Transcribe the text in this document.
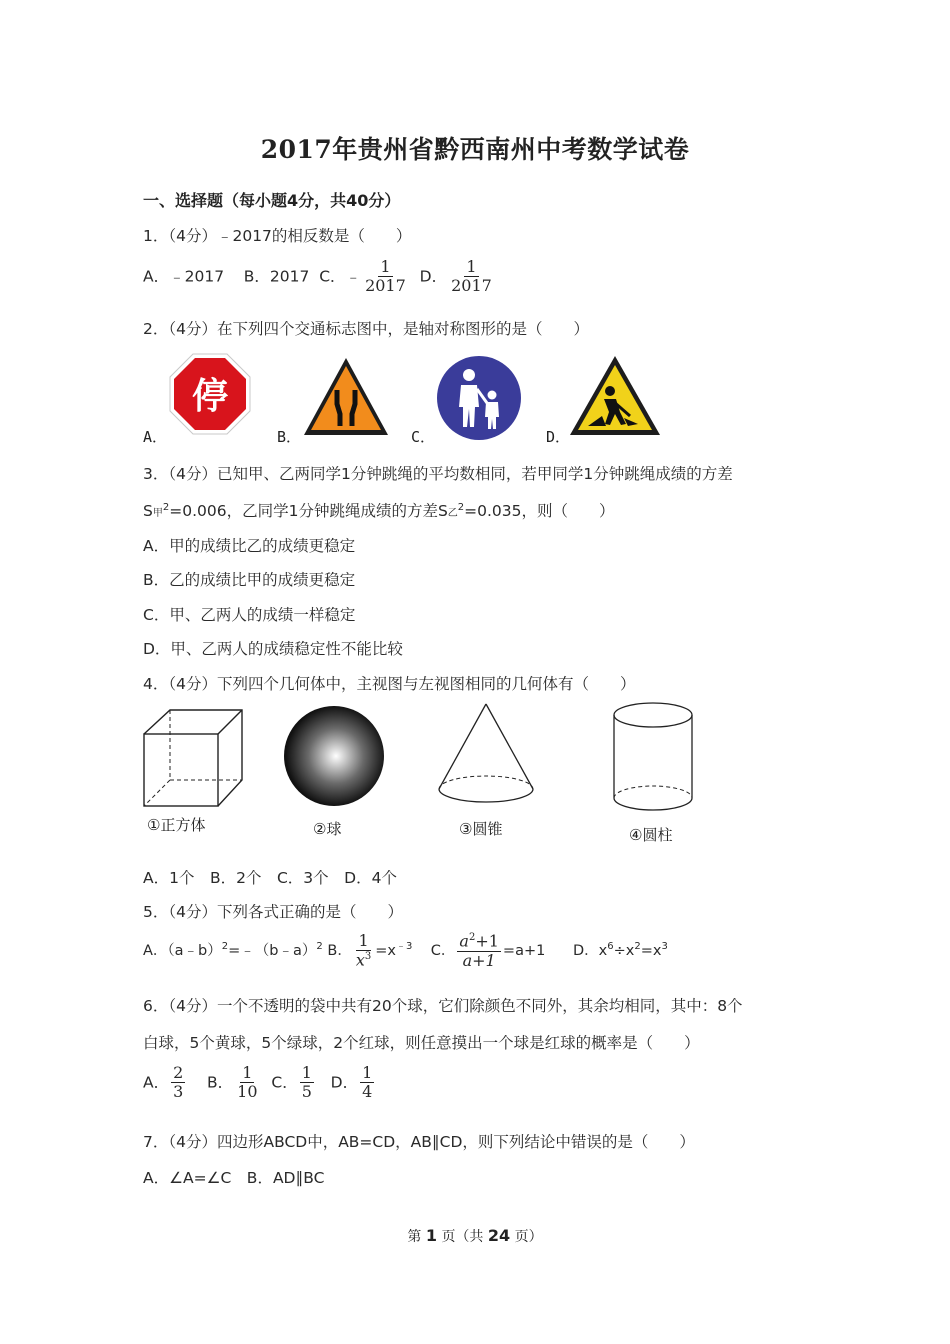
2017年贵州省黔西南州中考数学试卷
一、选择题（每小题4分，共40分）
1．（4分）﹣2017的相反数是（　　）
A．﹣2017 B．2017 C．﹣ $\frac{1}{2017}$ D． $\frac{1}{2017}$
2．（4分）在下列四个交通标志图中，是轴对称图形的是（　　）
A．
停
B．	C．	D．
3．（4分）已知甲、乙两同学1分钟跳绳的平均数相同，若甲同学1分钟跳绳成绩的方差
S甲$^2$=0.006，乙同学1分钟跳绳成绩的方差S乙$^2$=0.035，则（　　）
A．甲的成绩比乙的成绩更稳定
B．乙的成绩比甲的成绩更稳定
C．甲、乙两人的成绩一样稳定
D．甲、乙两人的成绩稳定性不能比较
4．（4分）下列四个几何体中，主视图与左视图相同的几何体有（　　）
①正方体	②球	③圆锥	④圆柱
A．1个　B．2个　C．3个　D．4个
5．（4分）下列各式正确的是（　　）
A．（a﹣b）$^2$=﹣（b﹣a）$^2$ B． $\frac{1}{x^3} =x^{﹣3}$ C． $\frac{a^2+1}{a+1} =a+1$ D．$x^6\div x^2=x^3$
6．（4分）一个不透明的袋中共有20个球，它们除颜色不同外，其余均相同，其中：8个
白球，5个黄球，5个绿球，2个红球，则任意摸出一个球是红球的概率是（　　）
A． $\frac{2}{3}$ B． $\frac{1}{10}$ C． $\frac{1}{5}$ D． $\frac{1}{4}$
7．（4分）四边形ABCD中，AB=CD，AB∥CD，则下列结论中错误的是（　　）
A．∠A=∠C　B．AD∥BC
第 1 页（共 24 页）
